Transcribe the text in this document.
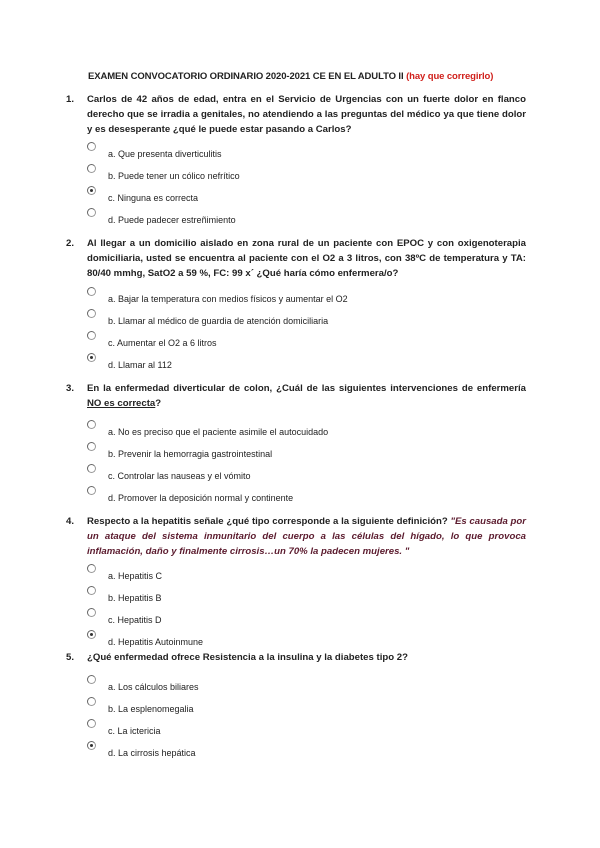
EXAMEN CONVOCATORIO ORDINARIO 2020-2021 CE EN EL ADULTO II (hay que corregirlo)
1. Carlos de 42 años de edad, entra en el Servicio de Urgencias con un fuerte dolor en flanco derecho que se irradia a genitales, no atendiendo a las preguntas del médico ya que tiene dolor y es desesperante ¿qué le puede estar pasando a Carlos?
a. Que presenta diverticulitis
b. Puede tener un cólico nefrítico
c. Ninguna es correcta
d. Puede padecer estreñimiento
2. Al llegar a un domicilio aislado en zona rural de un paciente con EPOC y con oxigenoterapia domiciliaria, usted se encuentra al paciente con el O2 a 3 litros, con 38ºC de temperatura y TA: 80/40 mmhg, SatO2 a 59 %, FC: 99 x´ ¿Qué haría cómo enfermera/o?
a. Bajar la temperatura con medios físicos y aumentar el O2
b. Llamar al médico de guardia de atención domiciliaria
c. Aumentar el O2 a 6 litros
d. Llamar al 112
3. En la enfermedad diverticular de colon, ¿Cuál de las siguientes intervenciones de enfermería NO es correcta?
a. No es preciso que el paciente asimile el autocuidado
b. Prevenir la hemorragia gastrointestinal
c. Controlar las nauseas y el vómito
d. Promover la deposición normal y continente
4. Respecto a la hepatitis señale ¿qué tipo corresponde a la siguiente definición? "Es causada por un ataque del sistema inmunitario del cuerpo a las células del hígado, lo que provoca inflamación, daño y finalmente cirrosis…un 70% la padecen mujeres. "
a. Hepatitis C
b. Hepatitis B
c. Hepatitis D
d. Hepatitis Autoinmune
5. ¿Qué enfermedad ofrece Resistencia a la insulina y la diabetes tipo 2?
a. Los cálculos biliares
b. La esplenomegalia
c. La ictericia
d. La cirrosis hepática
